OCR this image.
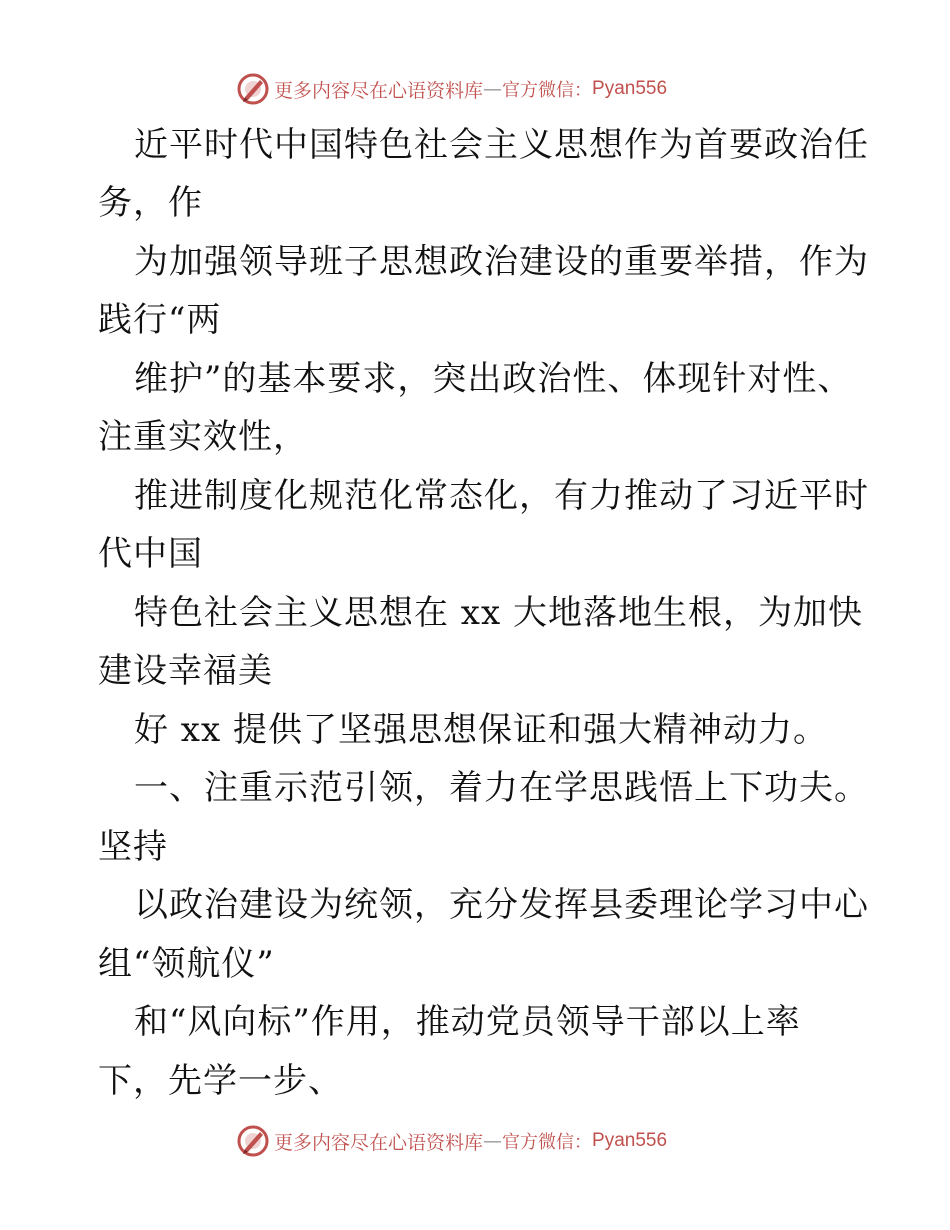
更多内容尽在心语资料库 — 官方微信： Pyan556
近平时代中国特色社会主义思想作为首要政治任
务，作
为加强领导班子思想政治建设的重要举措，作为
践行“两
维护”的基本要求，突出政治性、体现针对性、
注重实效性，
推进制度化规范化常态化，有力推动了习近平时
代中国
特色社会主义思想在 xx 大地落地生根，为加快
建设幸福美
好 xx 提供了坚强思想保证和强大精神动力。
一、注重示范引领，着力在学思践悟上下功夫。
坚持
以政治建设为统领，充分发挥县委理论学习中心
组“领航仪”
和“风向标”作用，推动党员领导干部以上率
下，先学一步、
更多内容尽在心语资料库 — 官方微信： Pyan556
